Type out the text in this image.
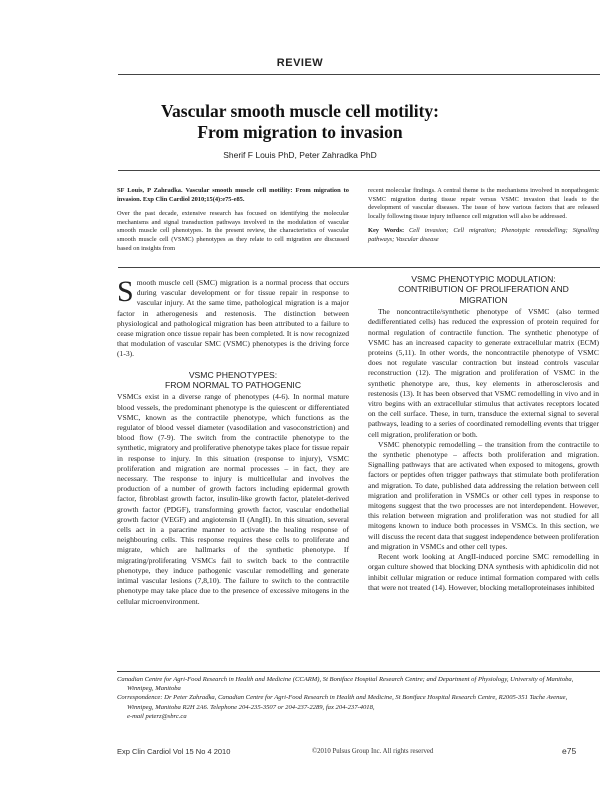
REVIEW
Vascular smooth muscle cell motility:
From migration to invasion
Sherif F Louis PhD, Peter Zahradka PhD

SF Louis, P Zahradka. Vascular smooth muscle cell motility: From migration to invasion. Exp Clin Cardiol 2010;15(4):e75-e85.

Over the past decade, extensive research has focused on identifying the molecular mechanisms and signal transduction pathways involved in the modulation of vascular smooth muscle cell phenotypes. In the present review, the characteristics of vascular smooth muscle cell (VSMC) phenotypes as they relate to cell migration are discussed based on insights from

recent molecular findings. A central theme is the mechanisms involved in nonpathogenic VSMC migration during tissue repair versus VSMC invasion that leads to the development of vascular diseases. The issue of how various factors that are released locally following tissue injury influence cell migration will also be addressed.

Key Words: Cell invasion; Cell migration; Phenotypic remodelling; Signalling pathways; Vascular disease

Smooth muscle cell (SMC) migration is a normal process that occurs during vascular development or for tissue repair in response to vascular injury. At the same time, pathological migration is a major factor in atherogenesis and restenosis. The distinction between physiological and pathological migration has been attributed to a failure to cease migration once tissue repair has been completed. It is now recognized that modulation of vascular SMC (VSMC) phenotypes is the driving force (1-3).

VSMC PHENOTYPES:
FROM NORMAL TO PATHOGENIC

VSMCs exist in a diverse range of phenotypes (4-6). In normal mature blood vessels, the predominant phenotype is the quiescent or differentiated VSMC, known as the contractile phenotype, which functions as the regulator of blood vessel diameter (vasodilation and vasoconstriction) and blood flow (7-9). The switch from the contractile phenotype to the synthetic, migratory and proliferative phenotype takes place for tissue repair in response to injury. In this situation (response to injury), VSMC proliferation and migration are normal processes – in fact, they are necessary. The response to injury is multicellular and involves the production of a number of growth factors including epidermal growth factor, fibroblast growth factor, insulin-like growth factor, platelet-derived growth factor (PDGF), transforming growth factor, vascular endothelial growth factor (VEGF) and angiotensin II (AngII). In this situation, several cells act in a paracrine manner to activate the healing response of neighbouring cells. This response requires these cells to proliferate and migrate, which are hallmarks of the synthetic phenotype. If migrating/proliferating VSMCs fail to switch back to the contractile phenotype, they induce pathogenic vascular remodelling and generate intimal vascular lesions (7,8,10). The failure to switch to the contractile phenotype may take place due to the presence of excessive mitogens in the cellular microenvironment.

VSMC PHENOTYPIC MODULATION:
CONTRIBUTION OF PROLIFERATION AND
MIGRATION

The noncontractile/synthetic phenotype of VSMC (also termed dedifferentiated cells) has reduced the expression of protein required for normal regulation of contractile function. The synthetic phenotype of VSMC has an increased capacity to generate extracellular matrix (ECM) proteins (5,11). In other words, the noncontractile phenotype of VSMC does not regulate vascular contraction but instead controls vascular reconstruction (12). The migration and proliferation of VSMC in the synthetic phenotype are, thus, key elements in atherosclerosis and restenosis (13). It has been observed that VSMC remodelling in vivo and in vitro begins with an extracellular stimulus that activates receptors located on the cell surface. These, in turn, transduce the external signal to several pathways, leading to a series of coordinated remodelling events that trigger cell migration, proliferation or both.

VSMC phenotypic remodelling – the transition from the contractile to the synthetic phenotype – affects both proliferation and migration. Signalling pathways that are activated when exposed to mitogens, growth factors or peptides often trigger pathways that stimulate both proliferation and migration. To date, published data addressing the relation between cell migration and proliferation in VSMCs or other cell types in response to mitogens suggest that the two processes are not interdependent. However, this relation between migration and proliferation was not studied for all mitogens known to induce both processes in VSMCs. In this section, we will discuss the recent data that suggest independence between proliferation and migration in VSMCs and other cell types.

Recent work looking at AngII-induced porcine SMC remodelling in organ culture showed that blocking DNA synthesis with aphidicolin did not inhibit cellular migration or reduce intimal formation compared with cells that were not treated (14). However, blocking metalloproteinases inhibited

Canadian Centre for Agri-Food Research in Health and Medicine (CCARM), St Boniface Hospital Research Centre; and Department of Physiology, University of Manitoba, Winnipeg, Manitoba

Correspondence: Dr Peter Zahradka, Canadian Centre for Agri-Food Research in Health and Medicine, St Boniface Hospital Research Centre, R2005-351 Tache Avenue, Winnipeg, Manitoba R2H 2A6. Telephone 204-235-3507 or 204-237-2289, fax 204-237-4018,
e-mail peterz@sbrc.ca

Exp Clin Cardiol Vol 15 No 4 2010	©2010 Pulsus Group Inc. All rights reserved	e75
